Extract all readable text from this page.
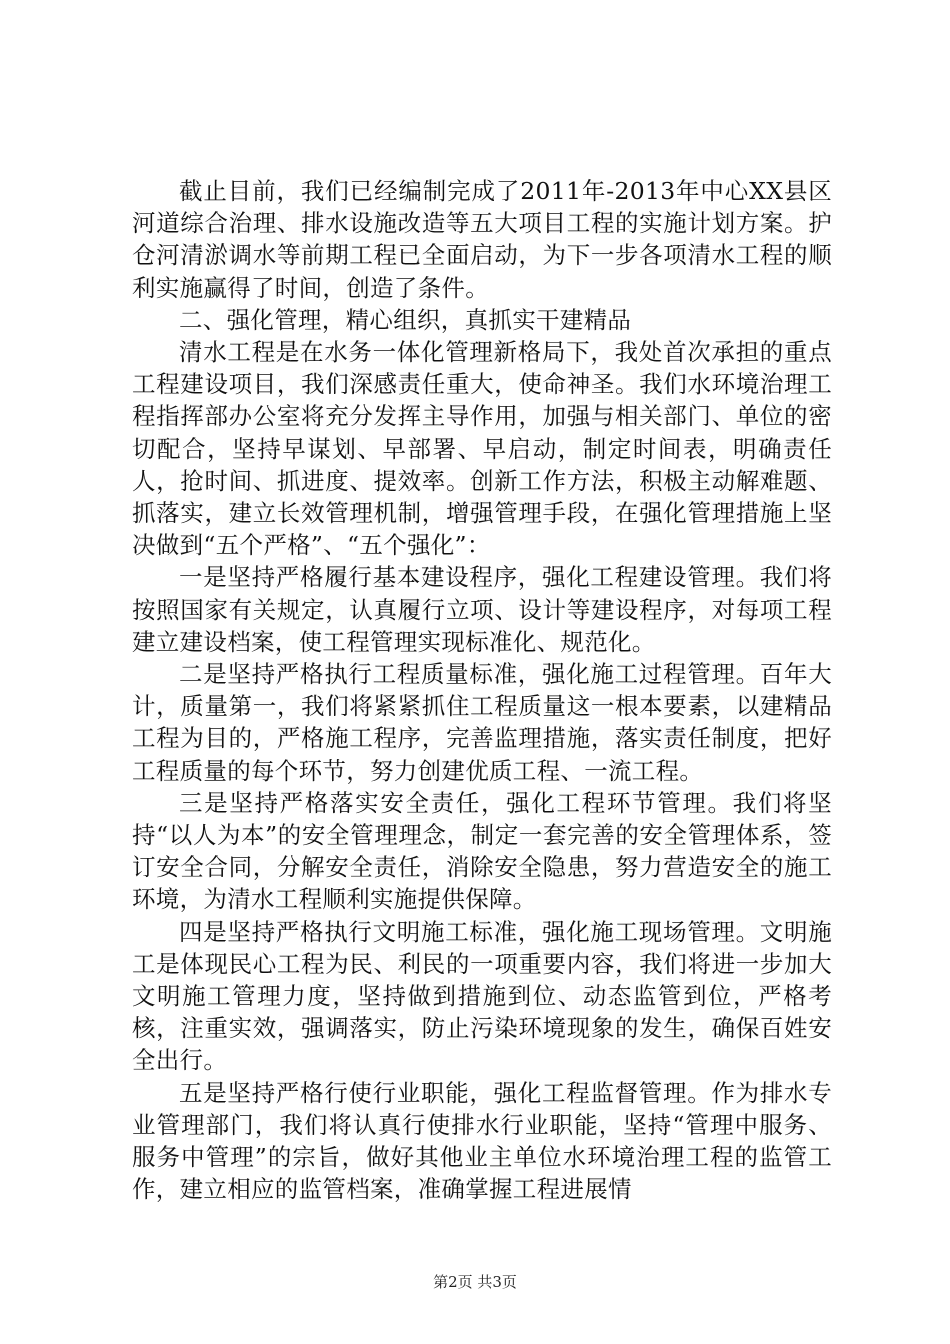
截止目前，我们已经编制完成了2011年-2013年中心XX县区河道综合治理、排水设施改造等五大项目工程的实施计划方案。护仓河清淤调水等前期工程已全面启动，为下一步各项清水工程的顺利实施赢得了时间，创造了条件。

二、强化管理，精心组织，真抓实干建精品

清水工程是在水务一体化管理新格局下，我处首次承担的重点工程建设项目，我们深感责任重大，使命神圣。我们水环境治理工程指挥部办公室将充分发挥主导作用，加强与相关部门、单位的密切配合，坚持早谋划、早部署、早启动，制定时间表，明确责任人，抢时间、抓进度、提效率。创新工作方法，积极主动解难题、抓落实，建立长效管理机制，增强管理手段，在强化管理措施上坚决做到“五个严格”、“五个强化”：

一是坚持严格履行基本建设程序，强化工程建设管理。我们将按照国家有关规定，认真履行立项、设计等建设程序，对每项工程建立建设档案，使工程管理实现标准化、规范化。

二是坚持严格执行工程质量标准，强化施工过程管理。百年大计，质量第一，我们将紧紧抓住工程质量这一根本要素，以建精品工程为目的，严格施工程序，完善监理措施，落实责任制度，把好工程质量的每个环节，努力创建优质工程、一流工程。

三是坚持严格落实安全责任，强化工程环节管理。我们将坚持“以人为本”的安全管理理念，制定一套完善的安全管理体系，签订安全合同，分解安全责任，消除安全隐患，努力营造安全的施工环境，为清水工程顺利实施提供保障。

四是坚持严格执行文明施工标准，强化施工现场管理。文明施工是体现民心工程为民、利民的一项重要内容，我们将进一步加大文明施工管理力度，坚持做到措施到位、动态监管到位，严格考核，注重实效，强调落实，防止污染环境现象的发生，确保百姓安全出行。

五是坚持严格行使行业职能，强化工程监督管理。作为排水专业管理部门，我们将认真行使排水行业职能，坚持“管理中服务、服务中管理”的宗旨，做好其他业主单位水环境治理工程的监管工作，建立相应的监管档案，准确掌握工程进展情

第2页 共3页
